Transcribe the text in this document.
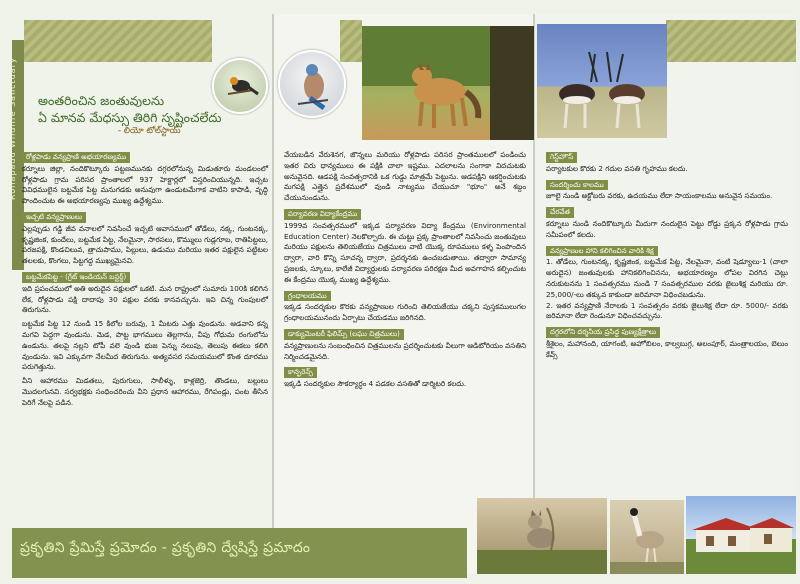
Rollapadu Wildlife Sanctuary అంతరించిన జంతువులను
ఏ మానవ మేధస్సు తిరిగి సృష్టించలేదు
- లియో టోల్‌స్టాయ్
రోళ్లపాడు వన్యప్రాణి అభయారణ్యము
కర్నూలు జిల్లా, నందికొట్కూరు పట్టణమునకు దగ్గరలోనున్న మిడుతూరు మండలంలో రోళ్లపాడు గ్రామ పరిసర ప్రాంతాలలో 937 హెక్టార్లలో విస్తరించియున్నది. ఇచ్చట వివిధములైన బట్టమేక పిట్ట మనుగడకు అనువుగా ఉండుటమేగాక వాటిని కాపాడి, వృద్ధి పొందించుట ఈ అభయారణ్యపు ముఖ్య ఉద్దేశ్యము.
ఇచ్చటి వన్యప్రాణులు
ఎల్లప్పుడు గడ్డి జీవ వనాలలో నివసించే ఇచ్చటి ఆవాసములో తోడేలు, నక్క, గుంటనక్క, కృష్ణజింక, కుందేలు, బట్టమేక పిట్ట, నేలమైనా, సారసలు, కొమ్ములు గుడ్లగూబ, రాతిపిట్టలు, పరజపక్షి, కొండచిలువ, త్రాచుపాము, పిల్లులు, ఉడుము మరియు ఇతర పక్షులైన పట్టిటల తలలకు, కొంగలు, పిట్టగద్ద ముఖ్యమైనవి.
బట్టమేకపిట్ట - (గ్రేట్ ఇండియన్ బస్టర్డ్)
ఇది ప్రపంచములో అతి అరుదైన పక్షులలో ఒకటి. మన రాష్ట్రంలో సుమారు 100కి కలిగిన లేక, రోళ్లపాడు పక్షి దాదాపు 30 పక్షుల వరకు కానవచ్చును. ఇవి చిన్న గుంపులలో తిరుగును.
బట్టమేక పిట్ట 12 నుండి 15 కిలోల బరువు, 1 మీటరు ఎత్తు వుండును. ఆడవాని కన్న మగవి పెద్దగా వుండును. మెడ, పొట్ట భాగములు తెల్లగాను, వీపు గోధుమ రంగులోను ఉండును. తలపై నల్లని టోపీ వలె వుండి భుజ పెన్ను నలుపు, తెలుపు ఈకలు కలిగి వుండును. ఇవి ఎక్కువగా నేలమీద తిరుగును. అత్యవసర సమయములో కొంత దూరము పరుగెత్తును.
వీని ఆహారము మిడతలు, పురుగులు, సాలీళ్ళు, కాళ్లజెర్రి, తొండలు, బల్లులు మొదలగునవి. సర్వభక్షకు సంధించరించు వీని ప్రధాన ఆహారము, రేగిపండ్లు, పంట తీసిన పెరిగే నేలపై పడిన.
వేయబడిన వేరుశెనగ, జొన్నలు మరియు రోళ్లపాడు పరిసర ప్రాంతములలో పండించు ఇతర చిరు ధాన్యములు ఈ పక్షికి చాలా ఇష్టము. ఎదలాలను సంగాకా విదచుటకు అనువైనది. ఆడపక్షి సంవత్సరానికి ఒక గుడ్డు మాత్రమే పెట్టును. ఆడపక్షిని ఆకర్షించుటకు మగపక్షి ఎత్తైన ప్రదేశములో వుండి నాట్యము చేయుచూ "భూం" అనే శబ్దం చేయునుండును.
పర్యావరణ విద్యాకేంద్రము
1999వ సంవత్సరములో ఇక్కడ పర్యావరణ విద్యా కేంద్రము (Environmental Education Center) నెలకొల్పారు. ఈ చుట్టు ప్రక్క ప్రాంతాలలో నివసించు జంతువులు మరియు పక్షులను తెలియజేయు చిత్రములు వాటి యొక్క రూపములు కళ్ళ పెంపొందిన ద్వారా, వారి కొన్ని సూచన్న ద్వారా, ప్రదర్శనకు ఉంచబడుతాయి. తద్వారా సామాన్య ప్రజలకు, స్కూలు, కాలేజీ విద్యార్థులకు పర్యావరణ పరిరక్షణ మీద అవగాహన కల్పించుట ఈ కేంద్రము యొక్క ముఖ్య ఉద్దేశ్యము.
గ్రంధాలయము
ఇక్కడ సందర్శకుల కొరకు వన్యప్రాణుల గురించి తెలియజేయు చక్కని పుస్తకములుగల గ్రంధాలయమునందు ఏర్పాటు చేయడము జరిగినది.
డాక్యుమెంటరీ ఫిలిమ్స్ (లఘు చిత్రములు)
వన్యప్రాణులను సంబంధించిన చిత్రములను ప్రదర్శించుటకు వీలుగా ఆడిటోరియం వసతిని నిర్మించడమైనది.
కాన్ఫరెన్స్
ఇక్కడి సందర్శకుల సౌకర్యార్ధం 4 పడకల వసతితో డార్మిటరి కలదు.
గెస్ట్‌హౌస్
పర్యాటకుల కొరకు 2 గదుల వసతి గృహము కలదు.
సందర్శించు కాలము
జూలై నుండి అక్టోబరు వరకు, ఉదయము లేదా సాయంకాలము అనువైన సమయం.
చేరవేత
కర్నూలు నుండి నందికొట్కూరు మీదుగా నందులైన పెట్టు రోడ్డు ప్రక్కన రోళ్లపాడు గ్రామ సమీపంలో కలదు.
వన్యప్రాణుల హాని కలిగించిన వారికి శిక్ష
1. తోడేలు, గుంటనక్క, కృష్ణజింక, బట్టమేక పిట్ట, నేలమైనా, వంటి షెడ్యూలు-1 (చాలా అరుదైన) జంతువులకు హానికలిగించినను, అభయారణ్యం లోపల విరగిన చెట్లు నరుకుటనను 1 సంవత్సరము నుండి 7 సంవత్సరముల వరకు జైలుశిక్ష మరియు రూ. 25,000/-లు తక్కువ కాకుండా జరిమానా విధించబడును.
2. ఇతర వన్యప్రాణి నేరాలకు 1 సంవత్సరం వరకు జైలుశిక్ష లేదా రూ. 5000/- వరకు జరిమానా లేదా రెండునూ విధించవచ్చును.
దగ్గరలోని దర్శనీయ ప్రసిద్ధ పుణ్యక్షేత్రాలు
శ్రీశైలం, మహానంది, యాగంటి, అహోబిలం, కాల్వబుగ్గ, అలంపూర్, మంత్రాలయం, బెలుం కేవ్స్
ప్రకృతిని ప్రేమిస్తే ప్రమోదం - ప్రకృతిని ద్వేషిస్తే ప్రమాదం
